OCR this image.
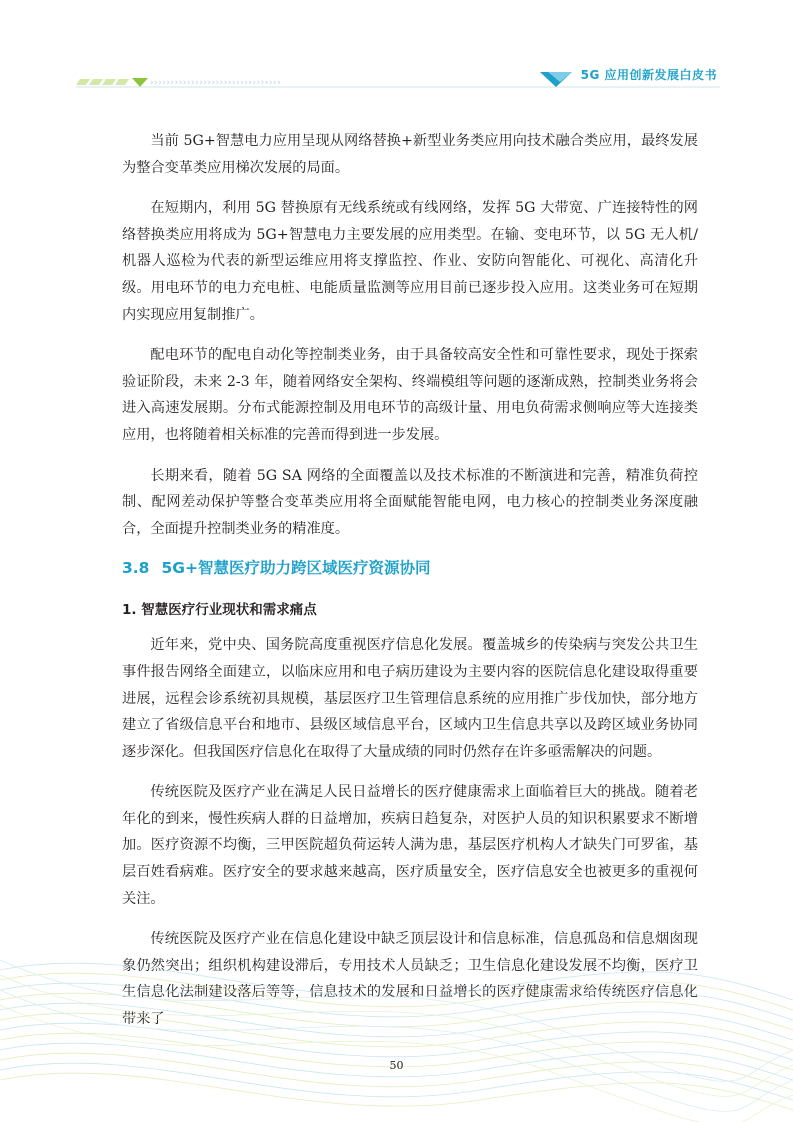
››››››››››››››››››››››››››››››››
5G 应用创新发展白皮书

当前 5G+智慧电力应用呈现从网络替换+新型业务类应用向技术融合类应用，最终发展为整合变革类应用梯次发展的局面。

在短期内，利用 5G 替换原有无线系统或有线网络，发挥 5G 大带宽、广连接特性的网络替换类应用将成为 5G+智慧电力主要发展的应用类型。在输、变电环节，以 5G 无人机/机器人巡检为代表的新型运维应用将支撑监控、作业、安防向智能化、可视化、高清化升级。用电环节的电力充电桩、电能质量监测等应用目前已逐步投入应用。这类业务可在短期内实现应用复制推广。

配电环节的配电自动化等控制类业务，由于具备较高安全性和可靠性要求，现处于探索验证阶段，未来 2-3 年，随着网络安全架构、终端模组等问题的逐渐成熟，控制类业务将会进入高速发展期。分布式能源控制及用电环节的高级计量、用电负荷需求侧响应等大连接类应用，也将随着相关标准的完善而得到进一步发展。

长期来看，随着 5G SA 网络的全面覆盖以及技术标准的不断演进和完善，精准负荷控制、配网差动保护等整合变革类应用将全面赋能智能电网，电力核心的控制类业务深度融合，全面提升控制类业务的精准度。

3.8 5G+智慧医疗助力跨区域医疗资源协同
1. 智慧医疗行业现状和需求痛点

近年来，党中央、国务院高度重视医疗信息化发展。覆盖城乡的传染病与突发公共卫生事件报告网络全面建立，以临床应用和电子病历建设为主要内容的医院信息化建设取得重要进展，远程会诊系统初具规模，基层医疗卫生管理信息系统的应用推广步伐加快，部分地方建立了省级信息平台和地市、县级区域信息平台，区域内卫生信息共享以及跨区域业务协同逐步深化。但我国医疗信息化在取得了大量成绩的同时仍然存在许多亟需解决的问题。

传统医院及医疗产业在满足人民日益增长的医疗健康需求上面临着巨大的挑战。随着老年化的到来，慢性疾病人群的日益增加，疾病日趋复杂，对医护人员的知识积累要求不断增加。医疗资源不均衡，三甲医院超负荷运转人满为患，基层医疗机构人才缺失门可罗雀，基层百姓看病难。医疗安全的要求越来越高，医疗质量安全，医疗信息安全也被更多的重视何关注。

传统医院及医疗产业在信息化建设中缺乏顶层设计和信息标准，信息孤岛和信息烟囱现象仍然突出；组织机构建设滞后，专用技术人员缺乏；卫生信息化建设发展不均衡，医疗卫生信息化法制建设落后等等，信息技术的发展和日益增长的医疗健康需求给传统医疗信息化带来了

50
